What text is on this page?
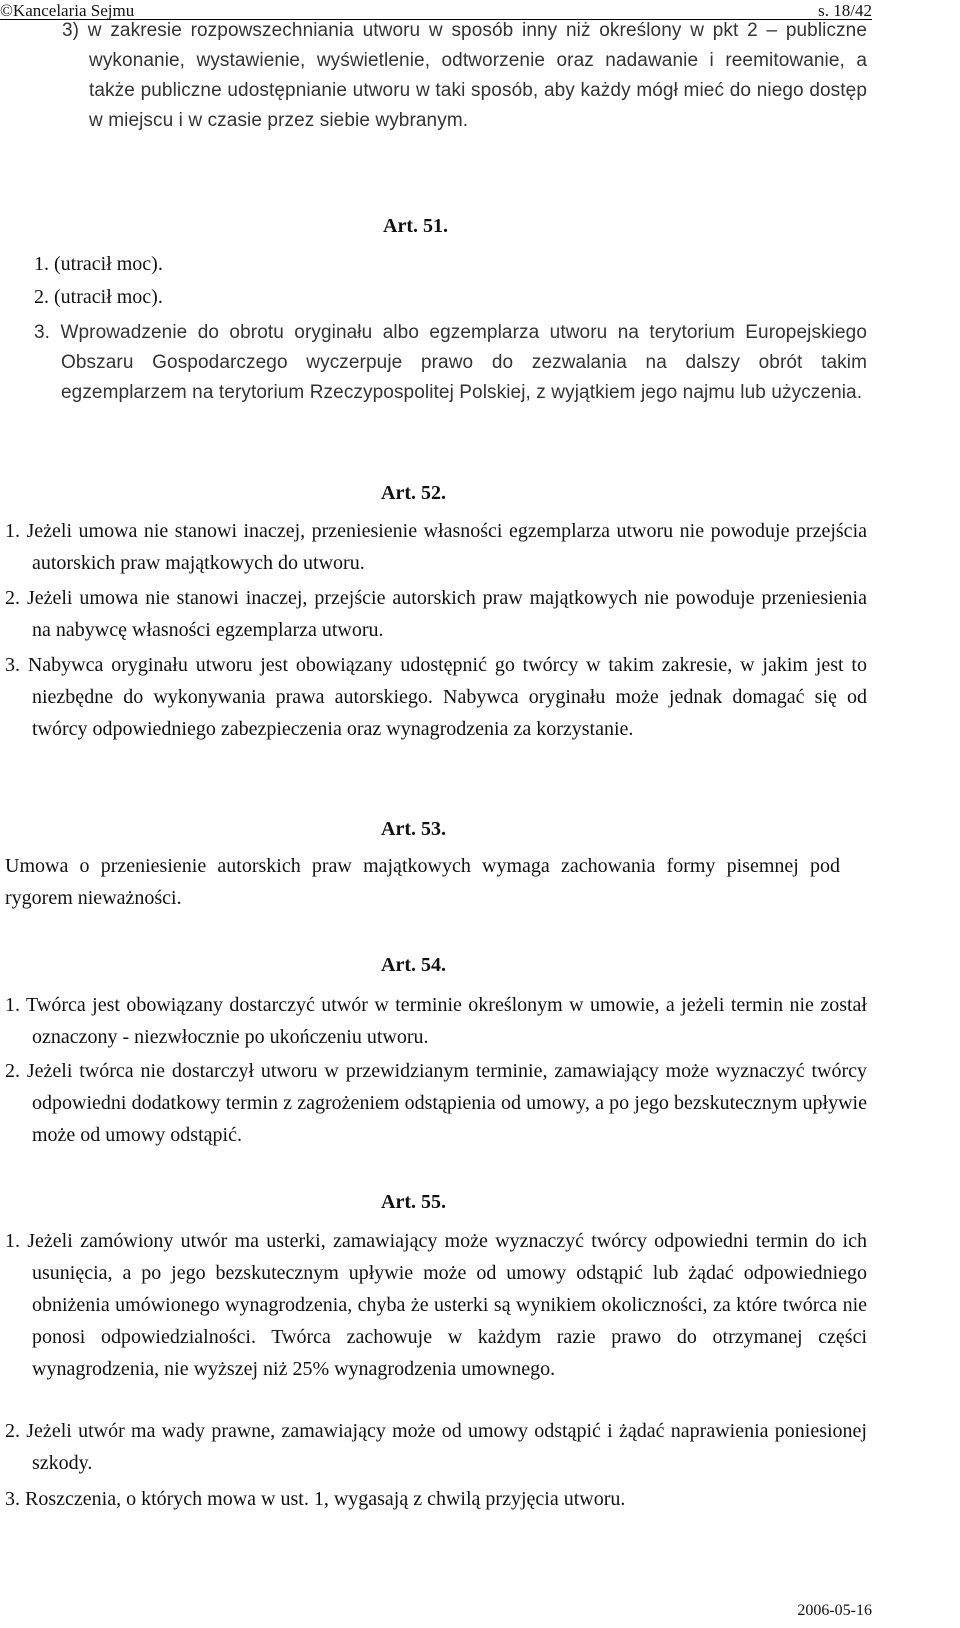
©Kancelaria Sejmu	s. 18/42
3) w zakresie rozpowszechniania utworu w sposób inny niż określony w pkt 2 – publiczne wykonanie, wystawienie, wyświetlenie, odtworzenie oraz nadawanie i reemitowanie, a także publiczne udostępnianie utworu w taki sposób, aby każdy mógł mieć do niego dostęp w miejscu i w czasie przez siebie wybranym.
Art. 51.
1. (utracił moc).
2. (utracił moc).
3. Wprowadzenie do obrotu oryginału albo egzemplarza utworu na terytorium Europejskiego Obszaru Gospodarczego wyczerpuje prawo do zezwalania na dalszy obrót takim egzemplarzem na terytorium Rzeczypospolitej Polskiej, z wyjątkiem jego najmu lub użyczenia.
Art. 52.
1. Jeżeli umowa nie stanowi inaczej, przeniesienie własności egzemplarza utworu nie powoduje przejścia autorskich praw majątkowych do utworu.
2. Jeżeli umowa nie stanowi inaczej, przejście autorskich praw majątkowych nie powoduje przeniesienia na nabywcę własności egzemplarza utworu.
3. Nabywca oryginału utworu jest obowiązany udostępnić go twórcy w takim zakresie, w jakim jest to niezbędne do wykonywania prawa autorskiego. Nabywca oryginału może jednak domagać się od twórcy odpowiedniego zabezpieczenia oraz wynagrodzenia za korzystanie.
Art. 53.
Umowa o przeniesienie autorskich praw majątkowych wymaga zachowania formy pisemnej pod rygorem nieważności.
Art. 54.
1. Twórca jest obowiązany dostarczyć utwór w terminie określonym w umowie, a jeżeli termin nie został oznaczony - niezwłocznie po ukończeniu utworu.
2. Jeżeli twórca nie dostarczył utworu w przewidzianym terminie, zamawiający może wyznaczyć twórcy odpowiedni dodatkowy termin z zagrożeniem odstąpienia od umowy, a po jego bezskutecznym upływie może od umowy odstąpić.
Art. 55.
1. Jeżeli zamówiony utwór ma usterki, zamawiający może wyznaczyć twórcy odpowiedni termin do ich usunięcia, a po jego bezskutecznym upływie może od umowy odstąpić lub żądać odpowiedniego obniżenia umówionego wynagrodzenia, chyba że usterki są wynikiem okoliczności, za które twórca nie ponosi odpowiedzialności. Twórca zachowuje w każdym razie prawo do otrzymanej części wynagrodzenia, nie wyższej niż 25% wynagrodzenia umownego.
2. Jeżeli utwór ma wady prawne, zamawiający może od umowy odstąpić i żądać naprawienia poniesionej szkody.
3. Roszczenia, o których mowa w ust. 1, wygasają z chwilą przyjęcia utworu.
2006-05-16
